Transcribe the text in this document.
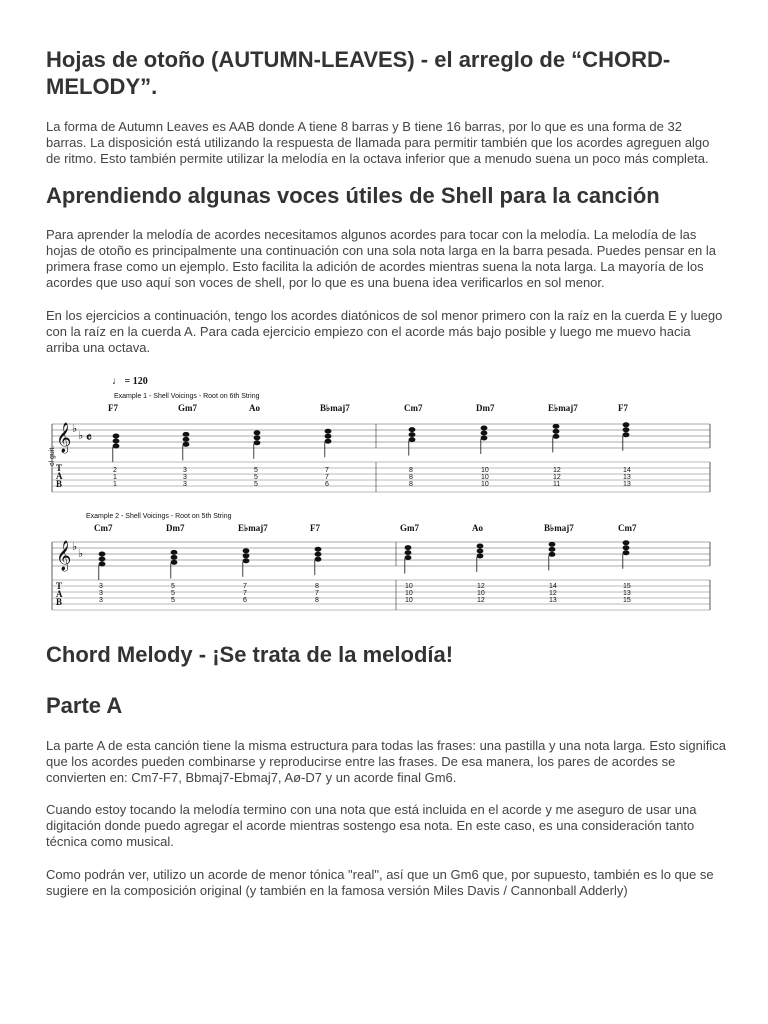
Hojas de otoño (AUTUMN-LEAVES) - el arreglo de “CHORD-MELODY”.

La forma de Autumn Leaves es AAB donde A tiene 8 barras y B tiene 16 barras, por lo que es una forma de 32 barras. La disposición está utilizando la respuesta de llamada para permitir también que los acordes agreguen algo de ritmo. Esto también permite utilizar la melodía en la octava inferior que a menudo suena un poco más completa.

Aprendiendo algunas voces útiles de Shell para la canción

Para aprender la melodía de acordes necesitamos algunos acordes para tocar con la melodía. La melodía de las hojas de otoño es principalmente una continuación con una sola nota larga en la barra pesada. Puedes pensar en la primera frase como un ejemplo. Esto facilita la adición de acordes mientras suena la nota larga. La mayoría de los acordes que uso aquí son voces de shell, por lo que es una buena idea verificarlos en sol menor.

En los ejercicios a continuación, tengo los acordes diatónicos de sol menor primero con la raíz en la cuerda E y luego con la raíz en la cuerda A. Para cada ejercicio empiezo con el acorde más bajo posible y luego me muevo hacia arriba una octava.

♩ = 120
Example 1 - Shell Voicings - Root on 6th String
cl guit.
𝄞 ♭
♭ 𝄴
T
A
B
F7	Gm7	Ao	B♭maj7	Cm7	Dm7	E♭maj7	F7
2
1
1
3
3
3
5
5
5
7
7
6
8
8
8
10
10
10
12
12
11
14
13
13
Example 2 - Shell Voicings - Root on 5th String
𝄞 ♭
♭
T
A
B
Cm7	Dm7	E♭maj7	F7	Gm7	Ao	B♭maj7	Cm7
3
3
3
5
5
5
7
7
6
8
7
8
10
10
10
12
10
12
14
12
13
15
13
15
Chord Melody - ¡Se trata de la melodía!
Parte A

La parte A de esta canción tiene la misma estructura para todas las frases: una pastilla y una nota larga. Esto significa que los acordes pueden combinarse y reproducirse entre las frases. De esa manera, los pares de acordes se convierten en: Cm7-F7, Bbmaj7-Ebmaj7, Aø-D7 y un acorde final Gm6.

Cuando estoy tocando la melodía termino con una nota que está incluida en el acorde y me aseguro de usar una digitación donde puedo agregar el acorde mientras sostengo esa nota. En este caso, es una consideración tanto técnica como musical.

Como podrán ver, utilizo un acorde de menor tónica "real", así que un Gm6 que, por supuesto, también es lo que se sugiere en la composición original (y también en la famosa versión Miles Davis / Cannonball Adderly)
